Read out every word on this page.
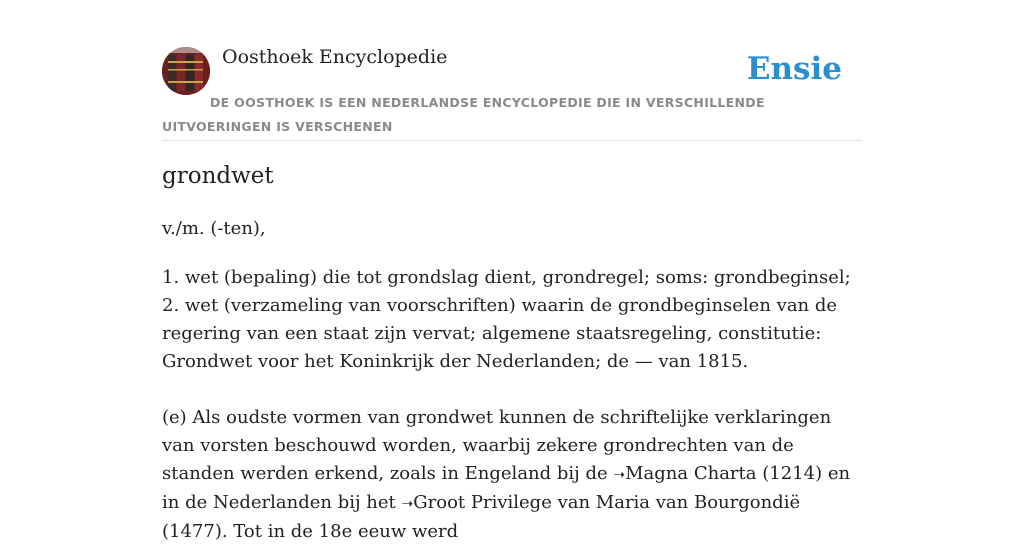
Oosthoek Encyclopedie	Ensie
DE OOSTHOEK IS EEN NEDERLANDSE ENCYCLOPEDIE DIE IN VERSCHILLENDE UITVOERINGEN IS VERSCHENEN
grondwet
v./m. (-ten),

1. wet (bepaling) die tot grondslag dient, grondregel; soms: grondbeginsel;

2. wet (verzameling van voorschriften) waarin de grondbeginselen van de regering van een staat zijn vervat; algemene staatsregeling, constitutie: Grondwet voor het Koninkrijk der Nederlanden; de — van 1815.

(e) Als oudste vormen van grondwet kunnen de schriftelijke verklaringen van vorsten beschouwd worden, waarbij zekere grondrechten van de standen werden erkend, zoals in Engeland bij de ➝Magna Charta (1214) en in de Nederlanden bij het ➝Groot Privilege van Maria van Bourgondië (1477). Tot in de 18e eeuw werd
